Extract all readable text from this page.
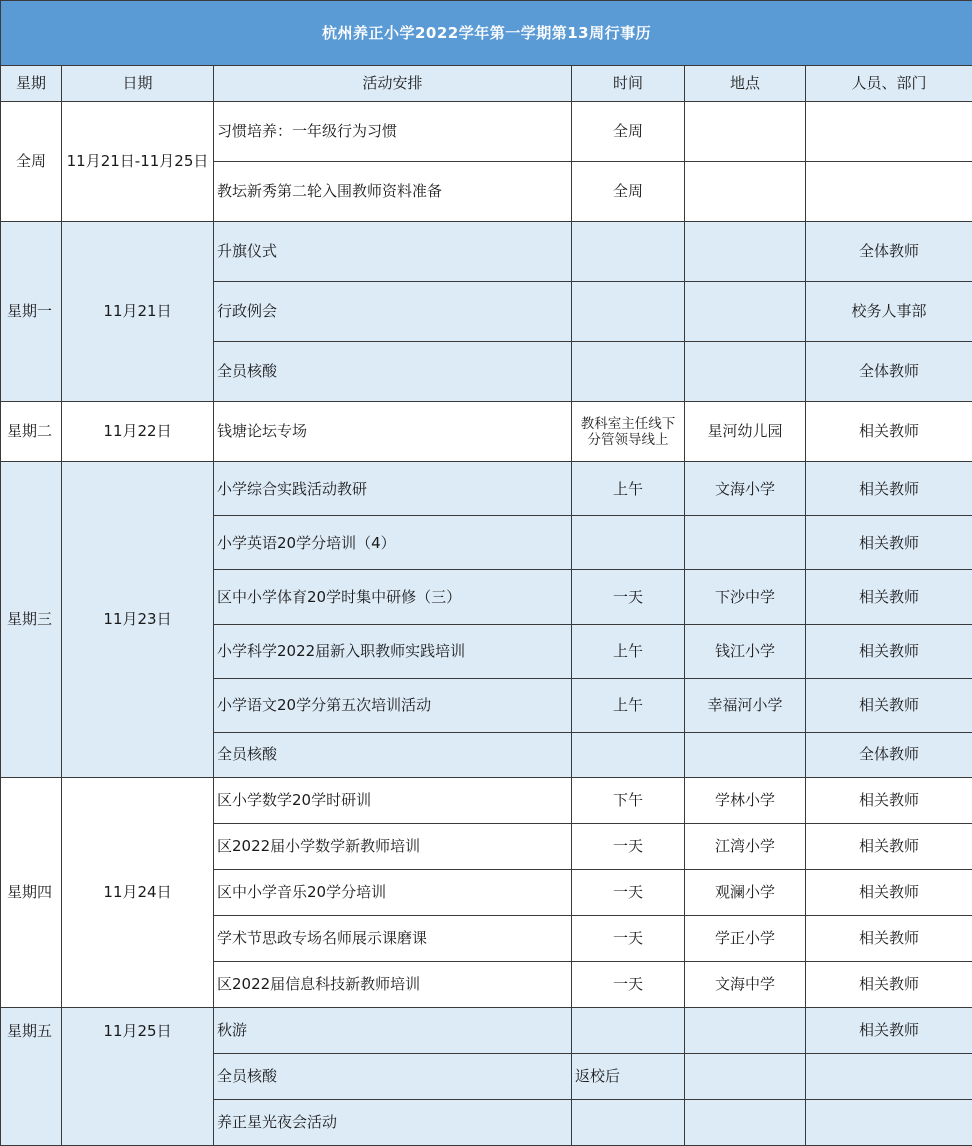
杭州养正小学2022学年第一学期第13周行事历					
星期	日期	活动安排	时间	地点	人员、部门
全周	11月21日-11月25日	习惯培养：一年级行为习惯	全周		
		教坛新秀第二轮入围教师资料准备	全周		
星期一	11月21日	升旗仪式			全体教师
		行政例会			校务人事部
		全员核酸			全体教师
星期二	11月22日	钱塘论坛专场	教科室主任线下分管领导线上	星河幼儿园	相关教师
星期三	11月23日	小学综合实践活动教研	上午	文海小学	相关教师
		小学英语20学分培训（4）			相关教师
		区中小学体育20学时集中研修（三）	一天	下沙中学	相关教师
		小学科学2022届新入职教师实践培训	上午	钱江小学	相关教师
		小学语文20学分第五次培训活动	上午	幸福河小学	相关教师
		全员核酸			全体教师
星期四	11月24日	区小学数学20学时研训	下午	学林小学	相关教师
		区2022届小学数学新教师培训	一天	江湾小学	相关教师
		区中小学音乐20学分培训	一天	观澜小学	相关教师
		学术节思政专场名师展示课磨课	一天	学正小学	相关教师
		区2022届信息科技新教师培训	一天	文海中学	相关教师
星期五	11月25日	秋游			相关教师
		全员核酸	返校后		
		养正星光夜会活动			
